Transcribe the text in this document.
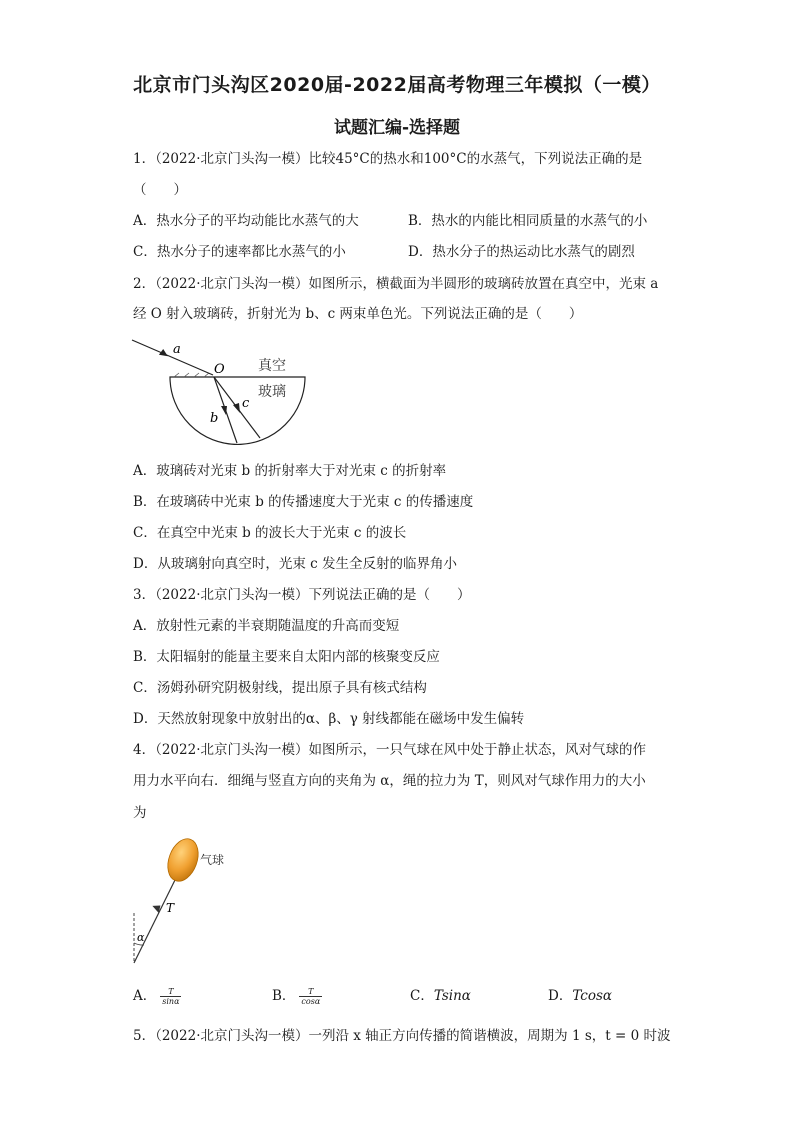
北京市门头沟区2020届-2022届高考物理三年模拟（一模）
试题汇编-选择题
1．（2022·北京门头沟一模）比较45°C的热水和100°C的水蒸气，下列说法正确的是
（　　）
A．热水分子的平均动能比水蒸气的大	B．热水的内能比相同质量的水蒸气的小
C．热水分子的速率都比水蒸气的小	D．热水分子的热运动比水蒸气的剧烈
2．（2022·北京门头沟一模）如图所示，横截面为半圆形的玻璃砖放置在真空中，光束 a
经 O 射入玻璃砖，折射光为 b、c 两束单色光。下列说法正确的是（　　）
a
O
b
c
真空
玻璃
A．玻璃砖对光束 b 的折射率大于对光束 c 的折射率
B．在玻璃砖中光束 b 的传播速度大于光束 c 的传播速度
C．在真空中光束 b 的波长大于光束 c 的波长
D．从玻璃射向真空时，光束 c 发生全反射的临界角小
3．（2022·北京门头沟一模）下列说法正确的是（　　）
A．放射性元素的半衰期随温度的升高而变短
B．太阳辐射的能量主要来自太阳内部的核聚变反应
C．汤姆孙研究阴极射线，提出原子具有核式结构
D．天然放射现象中放射出的α、β、γ 射线都能在磁场中发生偏转
4．（2022·北京门头沟一模）如图所示，一只气球在风中处于静止状态，风对气球的作
用力水平向右．细绳与竖直方向的夹角为 α，绳的拉力为 T，则风对气球作用力的大小
为
气球
T
α
A． $\frac{T}{\sin\alpha}$	B． $\frac{T}{\cos\alpha}$	C．Tsinα	D．Tcosα
5．（2022·北京门头沟一模）一列沿 x 轴正方向传播的简谐横波，周期为 1 s，t = 0 时波
